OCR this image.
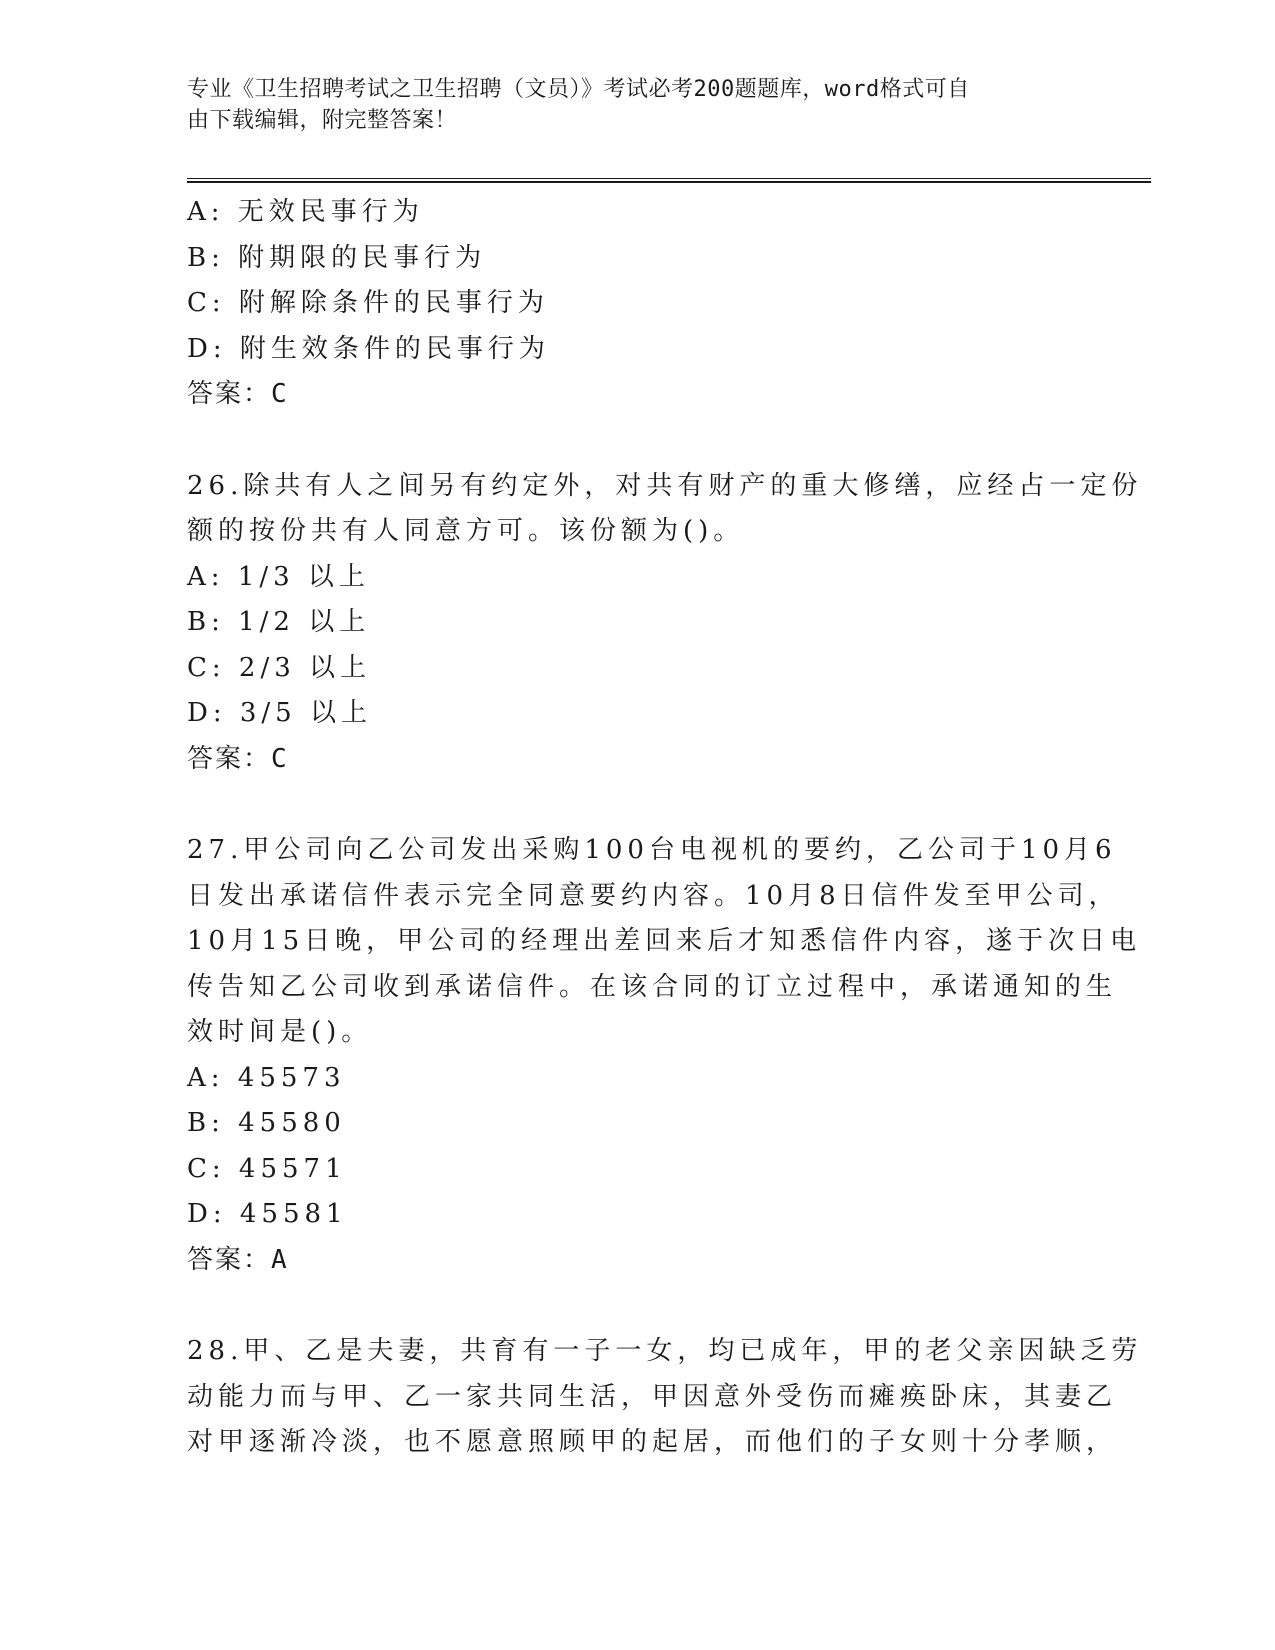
专业《卫生招聘考试之卫生招聘（文员）》考试必考200题题库，word格式可自
由下载编辑，附完整答案！
A: 无效民事行为
B: 附期限的民事行为
C: 附解除条件的民事行为
D: 附生效条件的民事行为
答案：C
26.除共有人之间另有约定外，对共有财产的重大修缮，应经占一定份
额的按份共有人同意方可。该份额为()。
A: 1/3 以上
B: 1/2 以上
C: 2/3 以上
D: 3/5 以上
答案：C
27.甲公司向乙公司发出采购100台电视机的要约，乙公司于10月6
日发出承诺信件表示完全同意要约内容。10月8日信件发至甲公司，
10月15日晚，甲公司的经理出差回来后才知悉信件内容，遂于次日电
传告知乙公司收到承诺信件。在该合同的订立过程中，承诺通知的生
效时间是()。
A: 45573
B: 45580
C: 45571
D: 45581
答案：A
28.甲、乙是夫妻，共育有一子一女，均已成年，甲的老父亲因缺乏劳
动能力而与甲、乙一家共同生活，甲因意外受伤而瘫痪卧床，其妻乙
对甲逐渐冷淡，也不愿意照顾甲的起居，而他们的子女则十分孝顺，
